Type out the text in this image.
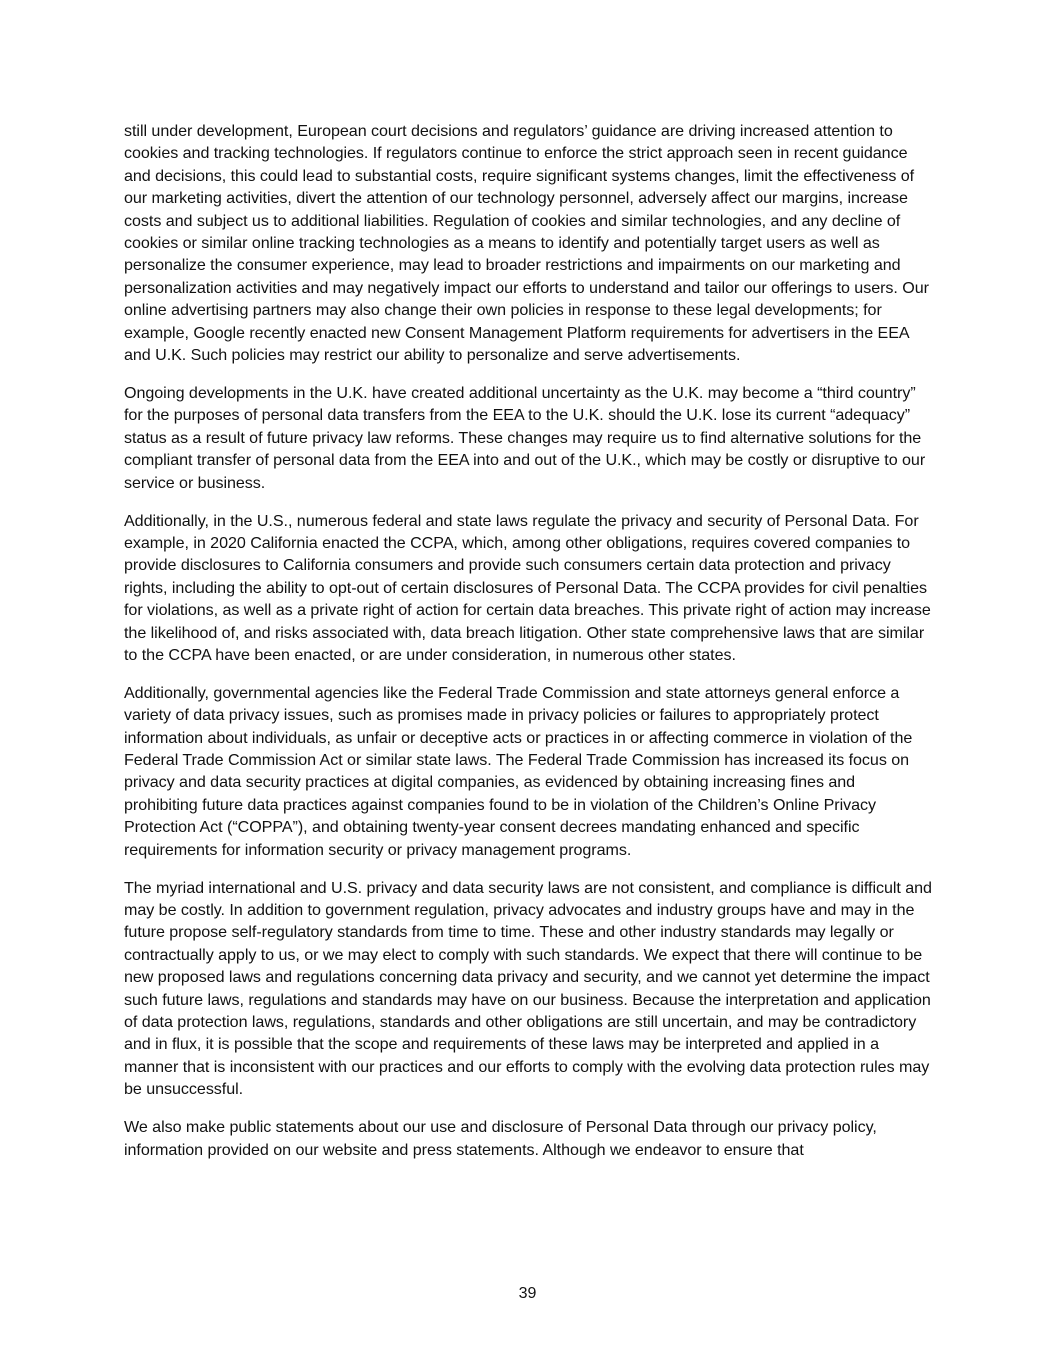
still under development, European court decisions and regulators’ guidance are driving increased attention to cookies and tracking technologies. If regulators continue to enforce the strict approach seen in recent guidance and decisions, this could lead to substantial costs, require significant systems changes, limit the effectiveness of our marketing activities, divert the attention of our technology personnel, adversely affect our margins, increase costs and subject us to additional liabilities. Regulation of cookies and similar technologies, and any decline of cookies or similar online tracking technologies as a means to identify and potentially target users as well as personalize the consumer experience, may lead to broader restrictions and impairments on our marketing and personalization activities and may negatively impact our efforts to understand and tailor our offerings to users. Our online advertising partners may also change their own policies in response to these legal developments; for example, Google recently enacted new Consent Management Platform requirements for advertisers in the EEA and U.K. Such policies may restrict our ability to personalize and serve advertisements.

Ongoing developments in the U.K. have created additional uncertainty as the U.K. may become a “third country” for the purposes of personal data transfers from the EEA to the U.K. should the U.K. lose its current “adequacy” status as a result of future privacy law reforms. These changes may require us to find alternative solutions for the compliant transfer of personal data from the EEA into and out of the U.K., which may be costly or disruptive to our service or business.

Additionally, in the U.S., numerous federal and state laws regulate the privacy and security of Personal Data. For example, in 2020 California enacted the CCPA, which, among other obligations, requires covered companies to provide disclosures to California consumers and provide such consumers certain data protection and privacy rights, including the ability to opt-out of certain disclosures of Personal Data. The CCPA provides for civil penalties for violations, as well as a private right of action for certain data breaches. This private right of action may increase the likelihood of, and risks associated with, data breach litigation. Other state comprehensive laws that are similar to the CCPA have been enacted, or are under consideration, in numerous other states.

Additionally, governmental agencies like the Federal Trade Commission and state attorneys general enforce a variety of data privacy issues, such as promises made in privacy policies or failures to appropriately protect information about individuals, as unfair or deceptive acts or practices in or affecting commerce in violation of the Federal Trade Commission Act or similar state laws. The Federal Trade Commission has increased its focus on privacy and data security practices at digital companies, as evidenced by obtaining increasing fines and prohibiting future data practices against companies found to be in violation of the Children’s Online Privacy Protection Act (“COPPA”), and obtaining twenty-year consent decrees mandating enhanced and specific requirements for information security or privacy management programs.

The myriad international and U.S. privacy and data security laws are not consistent, and compliance is difficult and may be costly. In addition to government regulation, privacy advocates and industry groups have and may in the future propose self-regulatory standards from time to time. These and other industry standards may legally or contractually apply to us, or we may elect to comply with such standards. We expect that there will continue to be new proposed laws and regulations concerning data privacy and security, and we cannot yet determine the impact such future laws, regulations and standards may have on our business. Because the interpretation and application of data protection laws, regulations, standards and other obligations are still uncertain, and may be contradictory and in flux, it is possible that the scope and requirements of these laws may be interpreted and applied in a manner that is inconsistent with our practices and our efforts to comply with the evolving data protection rules may be unsuccessful.

We also make public statements about our use and disclosure of Personal Data through our privacy policy, information provided on our website and press statements. Although we endeavor to ensure that

39
